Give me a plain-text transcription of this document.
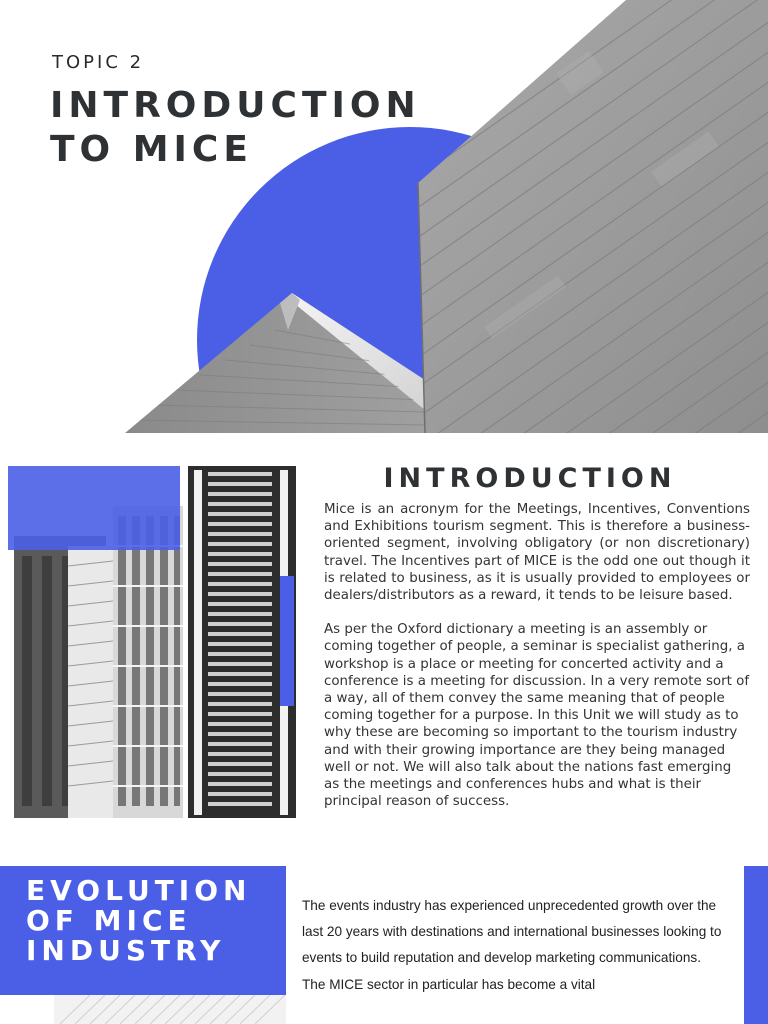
TOPIC 2
INTRODUCTION
TO MICE
INTRODUCTION

Mice is an acronym for the Meetings, Incentives, Conventions and Exhibitions tourism segment. This is therefore a business-oriented segment, involving obligatory (or non discretionary) travel. The Incentives part of MICE is the odd one out though it is related to business, as it is usually provided to employees or dealers/distributors as a reward, it tends to be leisure based.

As per the Oxford dictionary a meeting is an assembly or coming together of people, a seminar is specialist gathering, a workshop is a place or meeting for concerted activity and a conference is a meeting for discussion. In a very remote sort of a way, all of them convey the same meaning that of people coming together for a purpose. In this Unit we will study as to why these are becoming so important to the tourism industry and with their growing importance are they being managed well or not. We will also talk about the nations fast emerging as the meetings and conferences hubs and what is their principal reason of success.

EVOLUTION
OF MICE
INDUSTRY

The events industry has experienced unprecedented growth over the last 20 years with destinations and international businesses looking to events to build reputation and develop marketing communications. The MICE sector in particular has become a vital
